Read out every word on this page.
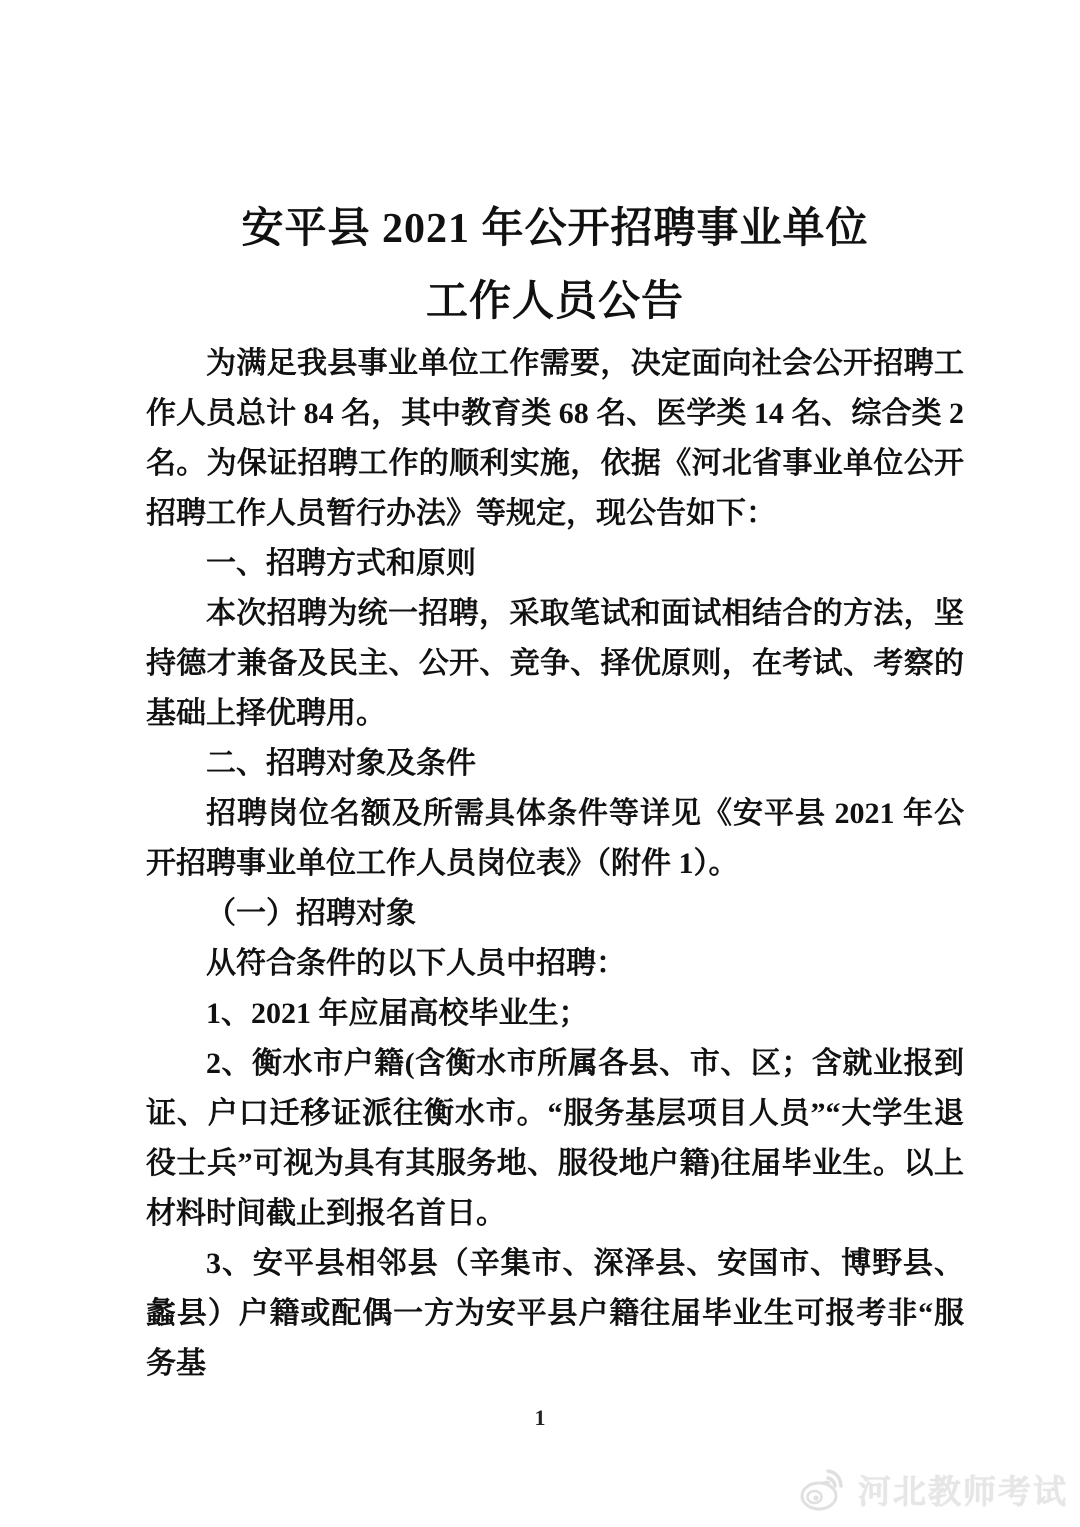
安平县 2021 年公开招聘事业单位
工作人员公告

为满足我县事业单位工作需要，决定面向社会公开招聘工作人员总计 84 名，其中教育类 68 名、医学类 14 名、综合类 2 名。为保证招聘工作的顺利实施，依据《河北省事业单位公开招聘工作人员暂行办法》等规定，现公告如下：

一、招聘方式和原则

本次招聘为统一招聘，采取笔试和面试相结合的方法，坚持德才兼备及民主、公开、竞争、择优原则，在考试、考察的基础上择优聘用。

二、招聘对象及条件

招聘岗位名额及所需具体条件等详见《安平县 2021 年公开招聘事业单位工作人员岗位表》（附件 1）。

（一）招聘对象

从符合条件的以下人员中招聘：

1、2021 年应届高校毕业生；

2、衡水市户籍(含衡水市所属各县、市、区；含就业报到证、户口迁移证派往衡水市。“服务基层项目人员”“大学生退役士兵”可视为具有其服务地、服役地户籍)往届毕业生。以上材料时间截止到报名首日。

3、安平县相邻县（辛集市、深泽县、安国市、博野县、蠡县）户籍或配偶一方为安平县户籍往届毕业生可报考非“服务基

1
河北教师考试
